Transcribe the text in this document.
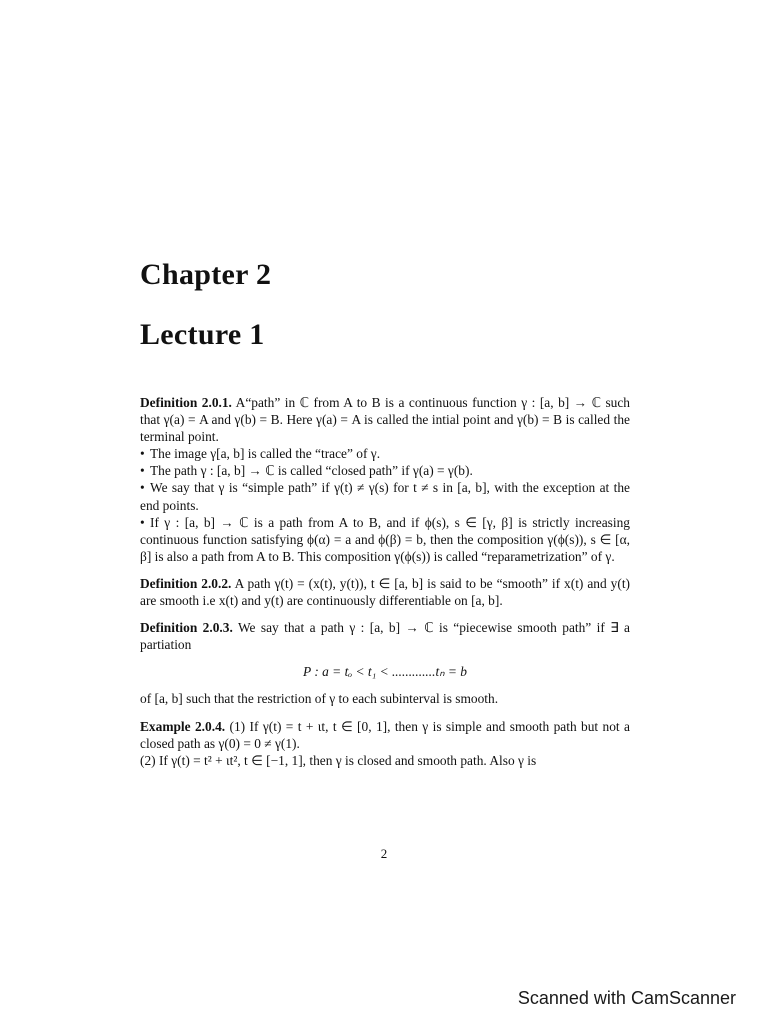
Chapter 2
Lecture 1

Definition 2.0.1. A“path” in ℂ from A to B is a continuous function γ : [a, b] → ℂ such that γ(a) = A and γ(b) = B. Here γ(a) = A is called the intial point and γ(b) = B is called the terminal point.

• The image γ[a, b] is called the “trace” of γ.

• The path γ : [a, b] → ℂ is called “closed path” if γ(a) = γ(b).

• We say that γ is “simple path” if γ(t) ≠ γ(s) for t ≠ s in [a, b], with the exception at the end points.

• If γ : [a, b] → ℂ is a path from A to B, and if ϕ(s), s ∈ [γ, β] is strictly increasing continuous function satisfying ϕ(α) = a and ϕ(β) = b, then the composition γ(ϕ(s)), s ∈ [α, β] is also a path from A to B. This composition γ(ϕ(s)) is called “reparametrization” of γ.

Definition 2.0.2. A path γ(t) = (x(t), y(t)), t ∈ [a, b] is said to be “smooth” if x(t) and y(t) are smooth i.e x(t) and y(t) are continuously differentiable on [a, b].

Definition 2.0.3. We say that a path γ : [a, b] → ℂ is “piecewise smooth path” if ∃ a partiation

P : a = tₒ < t₁ < .............tₙ = b

of [a, b] such that the restriction of γ to each subinterval is smooth.

Example 2.0.4. (1) If γ(t) = t + ιt, t ∈ [0, 1], then γ is simple and smooth path but not a closed path as γ(0) = 0 ≠ γ(1).

(2) If γ(t) = t² + ιt², t ∈ [−1, 1], then γ is closed and smooth path. Also γ is

2
Scanned with CamScanner
